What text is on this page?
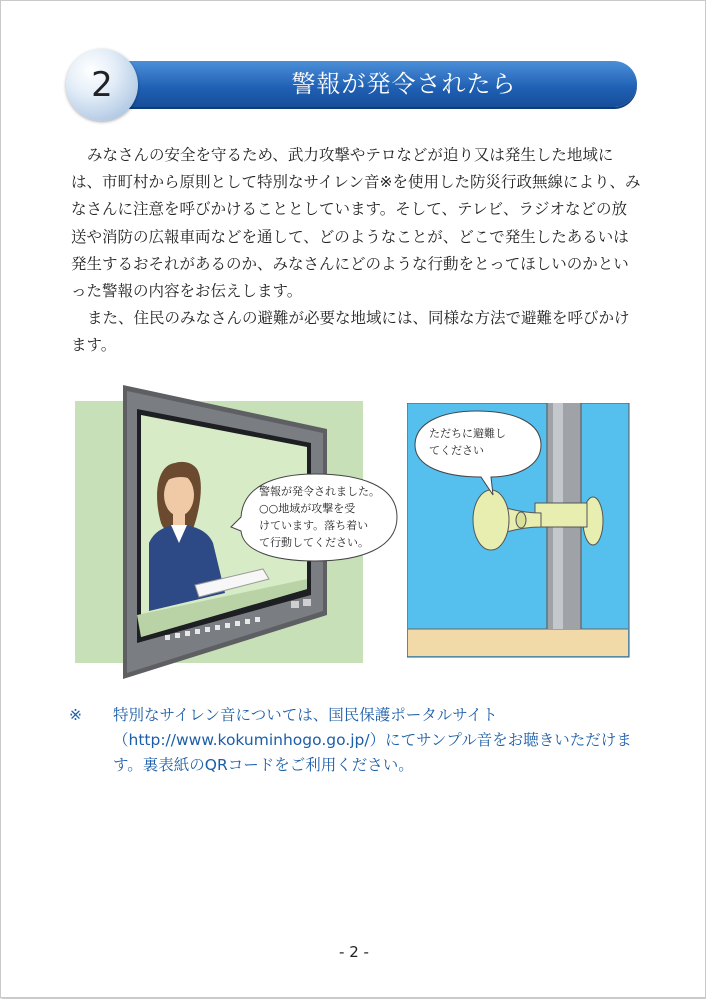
警報が発令されたら
2

みなさんの安全を守るため、武力攻撃やテロなどが迫り又は発生した地域には、市町村から原則として特別なサイレン音※を使用した防災行政無線により、みなさんに注意を呼びかけることとしています。そして、テレビ、ラジオなどの放送や消防の広報車両などを通して、どのようなことが、どこで発生したあるいは発生するおそれがあるのか、みなさんにどのような行動をとってほしいのかといった警報の内容をお伝えします。

また、住民のみなさんの避難が必要な地域には、同様な方法で避難を呼びかけます。

警報が発令されました。
○○地域が攻撃を受
けています。落ち着い
て行動してください。
ただちに避難し
てください
※ 特別なサイレン音については、国民保護ポータルサイト（http://www.kokuminhogo.go.jp/）にてサンプル音をお聴きいただけます。裏表紙のQRコードをご利用ください。
- 2 -
